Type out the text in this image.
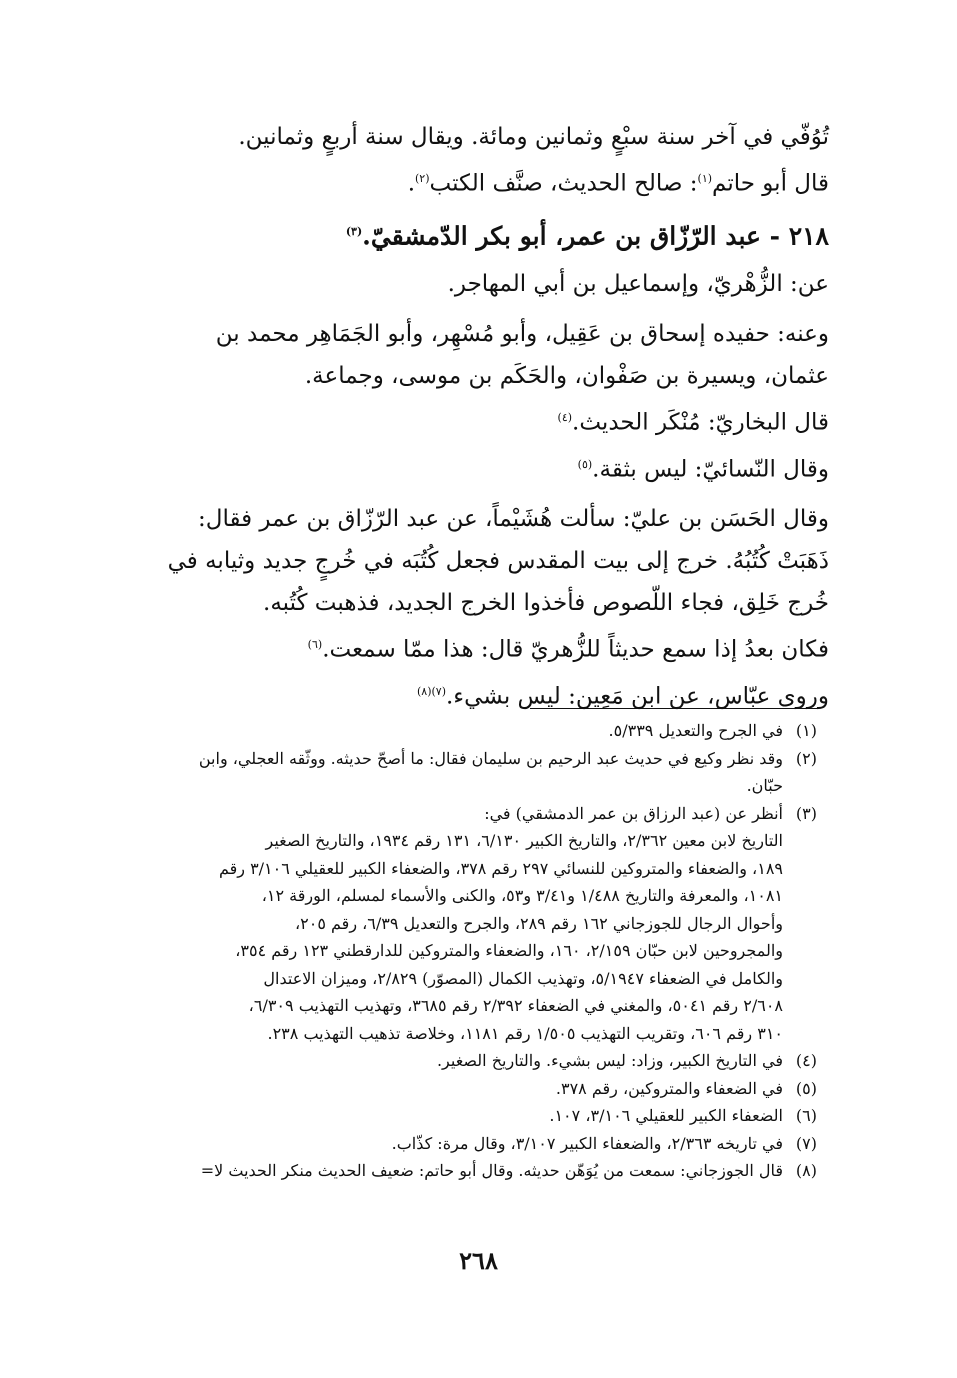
تُوُفّي في آخر سنة سبْعٍ وثمانين ومائة. ويقال سنة أربعٍ وثمانين.

قال أبو حاتم$^{(١)}$: صالح الحديث، صنَّف الكتب$^{(٢)}$.

٢١٨ - عبد الرّزّاق بن عمر، أبو بكر الدّمشقيّ.$^{(٣)}$

عن: الزُّهْريّ، وإسماعيل بن أبي المهاجر.

وعنه: حفيده إسحاق بن عَقِيل، وأبو مُسْهِر، وأبو الجَمَاهِر محمد بن

عثمان، ويسيرة بن صَفْوان، والحَكَم بن موسى، وجماعة.

قال البخاريّ: مُنْكَر الحديث.$^{(٤)}$

وقال النّسائيّ: ليس بثقة.$^{(٥)}$

وقال الحَسَن بن عليّ: سألت هُشَيْماً، عن عبد الرّزّاق بن عمر فقال:

ذَهَبَتْ كُتُبُهُ. خرج إلى بيت المقدس فجعل كُتُبَه في خُرجٍ جديد وثيابه في

خُرج خَلِق، فجاء اللّصوص فأخذوا الخرج الجديد، فذهبت كُتُبه.

فكان بعدُ إذا سمع حديثاً للزُّهريّ قال: هذا ممّا سمعت.$^{(٦)}$

وروى عبّاس، عن ابن مَعِين: ليس بشيء.$^{(٧)(٨)}$

(١)
في الجرح والتعديل ٥/٣٣٩.
(٢)
وقد نظر وكيع في حديث عبد الرحيم بن سليمان فقال: ما أصحّ حديثه. ووثّقه العجلي، وابن
حبّان.
(٣)
أنظر عن (عبد الرزاق بن عمر الدمشقي) في:
التاريخ لابن معين ٢/٣٦٢، والتاريخ الكبير ٦/١٣٠، ١٣١ رقم ١٩٣٤، والتاريخ الصغير
١٨٩، والضعفاء والمتروكين للنسائي ٢٩٧ رقم ٣٧٨، والضعفاء الكبير للعقيلي ٣/١٠٦ رقم
١٠٨١، والمعرفة والتاريخ ١/٤٨٨ و٣/٤١ و٥٣، والكنى والأسماء لمسلم، الورقة ١٢،
وأحوال الرجال للجوزجاني ١٦٢ رقم ٢٨٩، والجرح والتعديل ٦/٣٩، رقم ٢٠٥،
والمجروحين لابن حبّان ٢/١٥٩، ١٦٠، والضعفاء والمتروكين للدارقطني ١٢٣ رقم ٣٥٤،
والكامل في الضعفاء ٥/١٩٤٧، وتهذيب الكمال (المصوّر) ٢/٨٢٩، وميزان الاعتدال
٢/٦٠٨ رقم ٥٠٤١، والمغني في الضعفاء ٢/٣٩٢ رقم ٣٦٨٥، وتهذيب التهذيب ٦/٣٠٩،
٣١٠ رقم ٦٠٦، وتقريب التهذيب ١/٥٠٥ رقم ١١٨١، وخلاصة تذهيب التهذيب ٢٣٨.
(٤)
في التاريخ الكبير، وزاد: ليس بشيء. والتاريخ الصغير.
(٥)
في الضعفاء والمتروكين، رقم ٣٧٨.
(٦)
الضعفاء الكبير للعقيلي ٣/١٠٦، ١٠٧.
(٧)
في تاريخه ٢/٣٦٣، والضعفاء الكبير ٣/١٠٧، وقال مرة: كذّاب.
(٨)
قال الجوزجاني: سمعت من يُوَهّن حديثه. وقال أبو حاتم: ضعيف الحديث منكر الحديث لا=
٢٦٨
